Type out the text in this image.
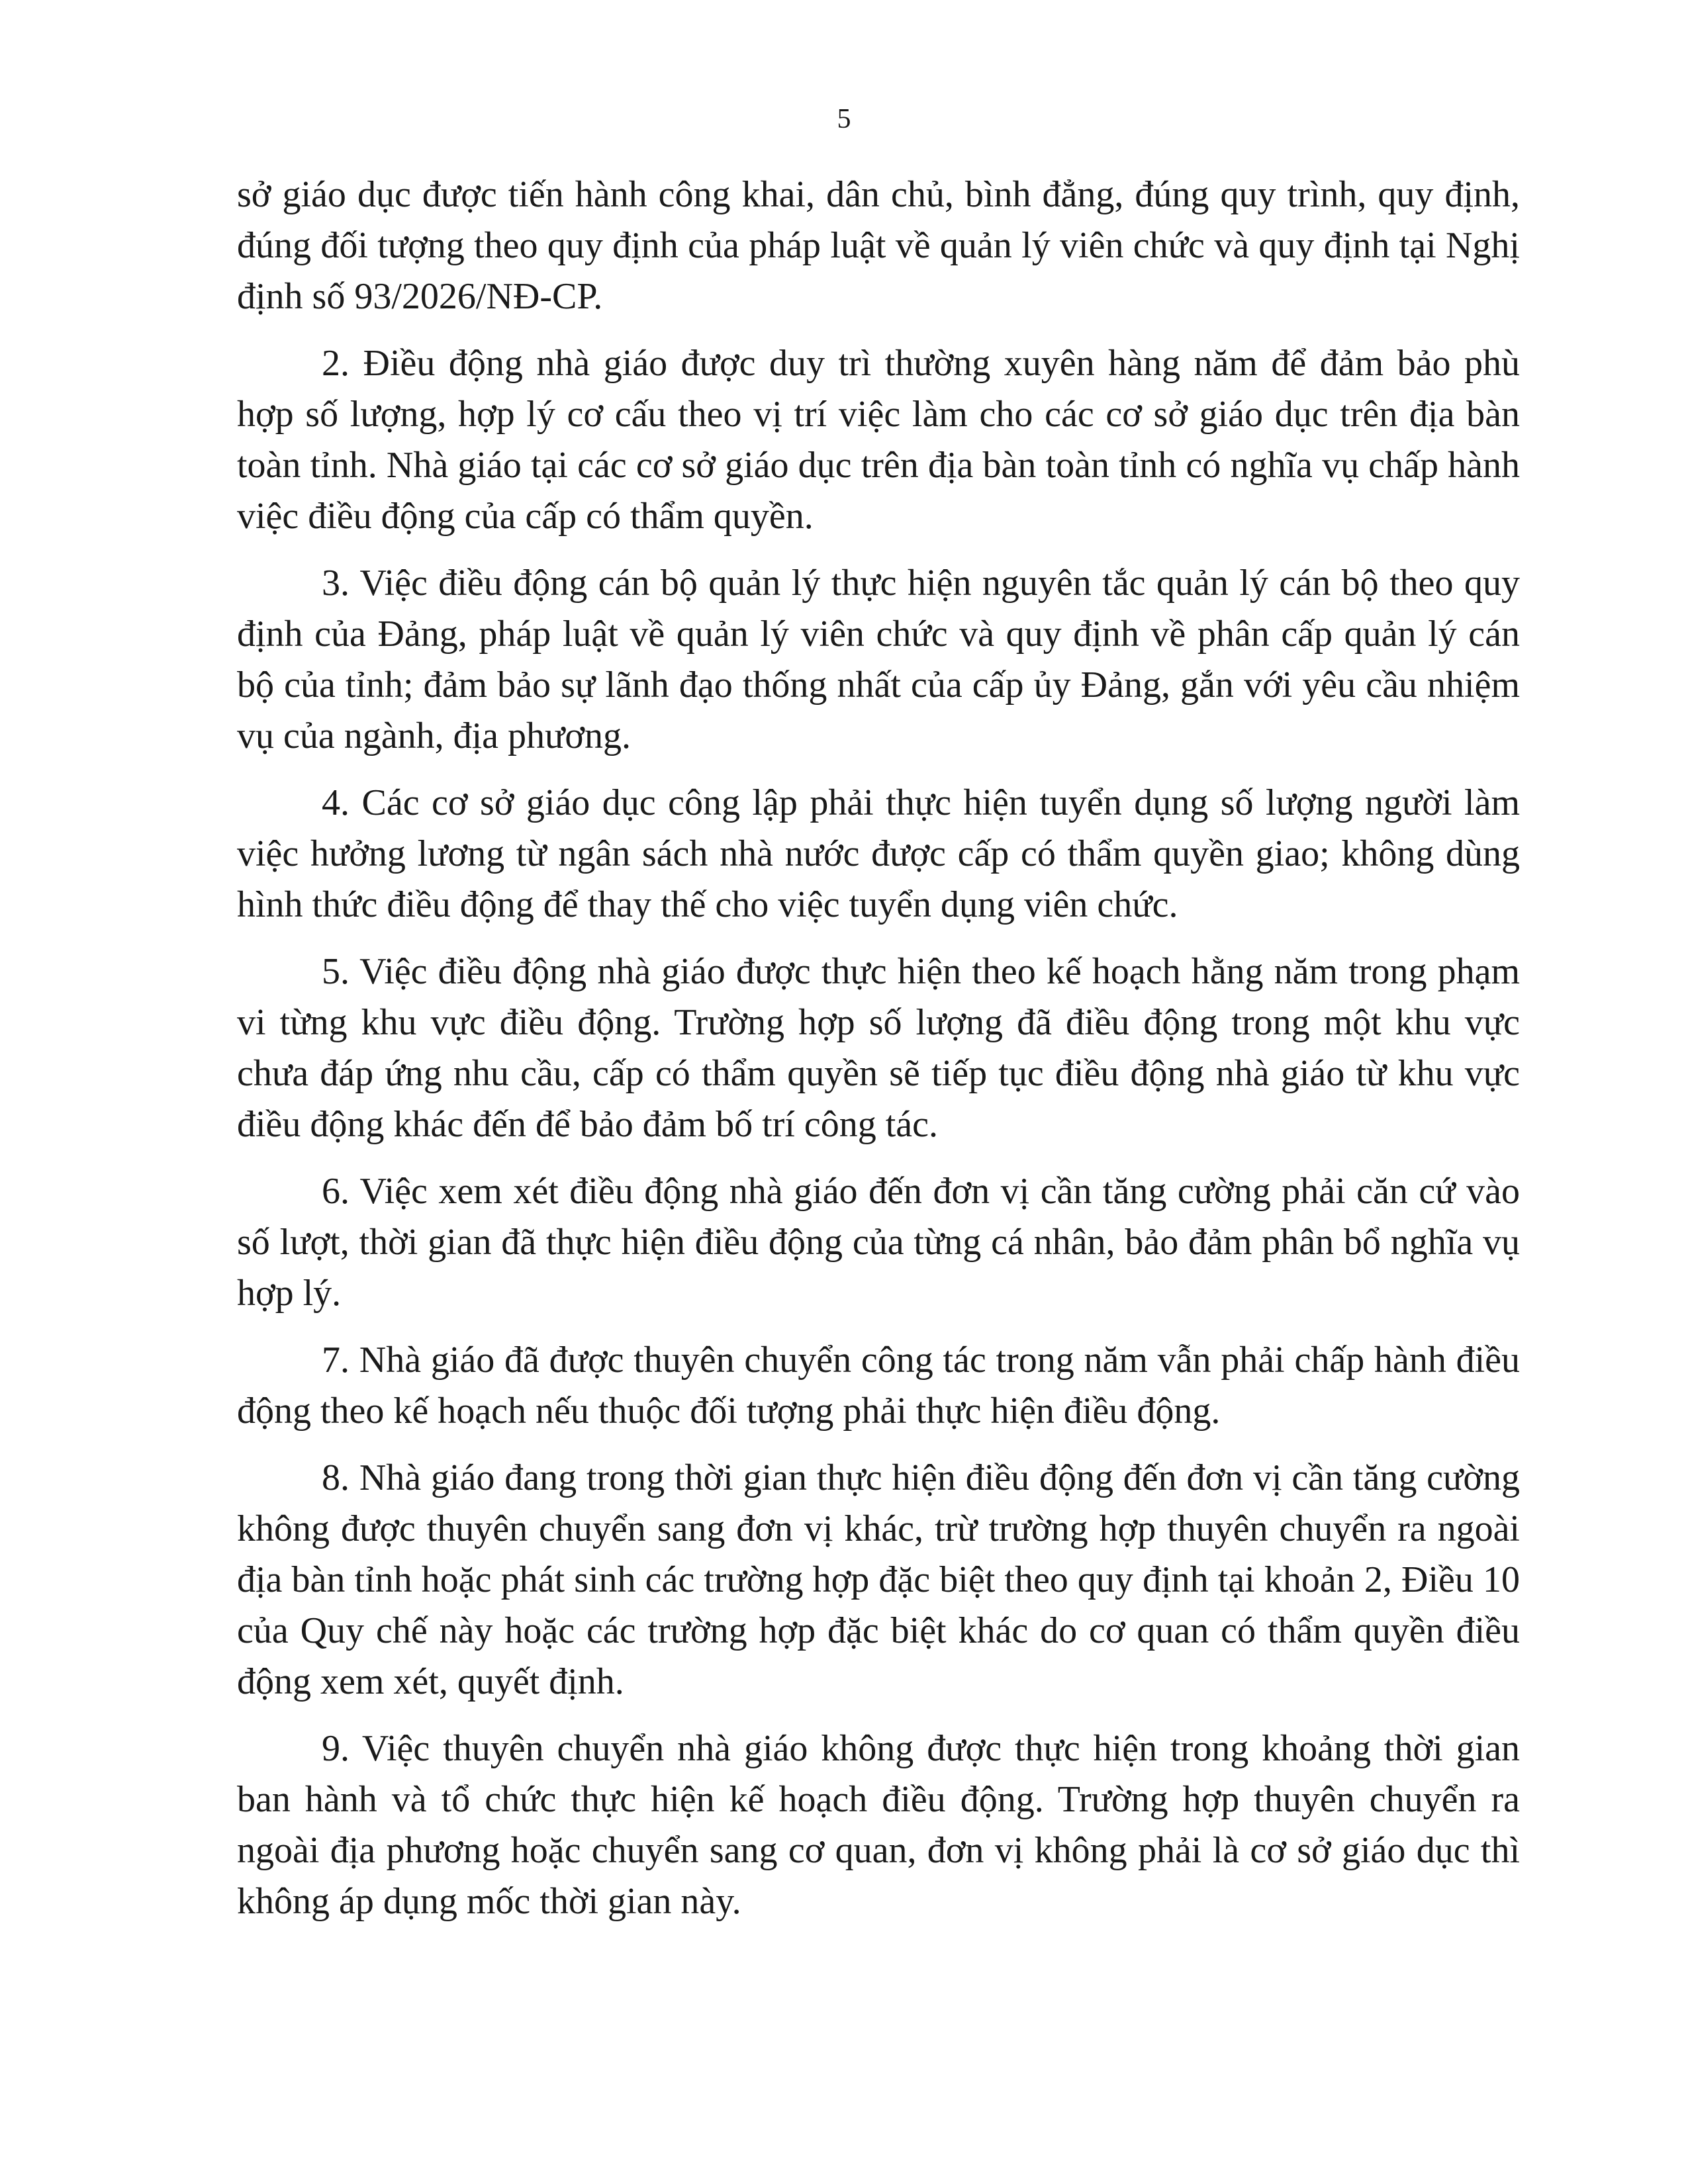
5

sở giáo dục được tiến hành công khai, dân chủ, bình đẳng, đúng quy trình, quy định, đúng đối tượng theo quy định của pháp luật về quản lý viên chức và quy định tại Nghị định số 93/2026/NĐ-CP.

2. Điều động nhà giáo được duy trì thường xuyên hàng năm để đảm bảo phù hợp số lượng, hợp lý cơ cấu theo vị trí việc làm cho các cơ sở giáo dục trên địa bàn toàn tỉnh. Nhà giáo tại các cơ sở giáo dục trên địa bàn toàn tỉnh có nghĩa vụ chấp hành việc điều động của cấp có thẩm quyền.

3. Việc điều động cán bộ quản lý thực hiện nguyên tắc quản lý cán bộ theo quy định của Đảng, pháp luật về quản lý viên chức và quy định về phân cấp quản lý cán bộ của tỉnh; đảm bảo sự lãnh đạo thống nhất của cấp ủy Đảng, gắn với yêu cầu nhiệm vụ của ngành, địa phương.

4. Các cơ sở giáo dục công lập phải thực hiện tuyển dụng số lượng người làm việc hưởng lương từ ngân sách nhà nước được cấp có thẩm quyền giao; không dùng hình thức điều động để thay thế cho việc tuyển dụng viên chức.

5. Việc điều động nhà giáo được thực hiện theo kế hoạch hằng năm trong phạm vi từng khu vực điều động. Trường hợp số lượng đã điều động trong một khu vực chưa đáp ứng nhu cầu, cấp có thẩm quyền sẽ tiếp tục điều động nhà giáo từ khu vực điều động khác đến để bảo đảm bố trí công tác.

6. Việc xem xét điều động nhà giáo đến đơn vị cần tăng cường phải căn cứ vào số lượt, thời gian đã thực hiện điều động của từng cá nhân, bảo đảm phân bổ nghĩa vụ hợp lý.

7. Nhà giáo đã được thuyên chuyển công tác trong năm vẫn phải chấp hành điều động theo kế hoạch nếu thuộc đối tượng phải thực hiện điều động.

8. Nhà giáo đang trong thời gian thực hiện điều động đến đơn vị cần tăng cường không được thuyên chuyển sang đơn vị khác, trừ trường hợp thuyên chuyển ra ngoài địa bàn tỉnh hoặc phát sinh các trường hợp đặc biệt theo quy định tại khoản 2, Điều 10 của Quy chế này hoặc các trường hợp đặc biệt khác do cơ quan có thẩm quyền điều động xem xét, quyết định.

9. Việc thuyên chuyển nhà giáo không được thực hiện trong khoảng thời gian ban hành và tổ chức thực hiện kế hoạch điều động. Trường hợp thuyên chuyển ra ngoài địa phương hoặc chuyển sang cơ quan, đơn vị không phải là cơ sở giáo dục thì không áp dụng mốc thời gian này.
